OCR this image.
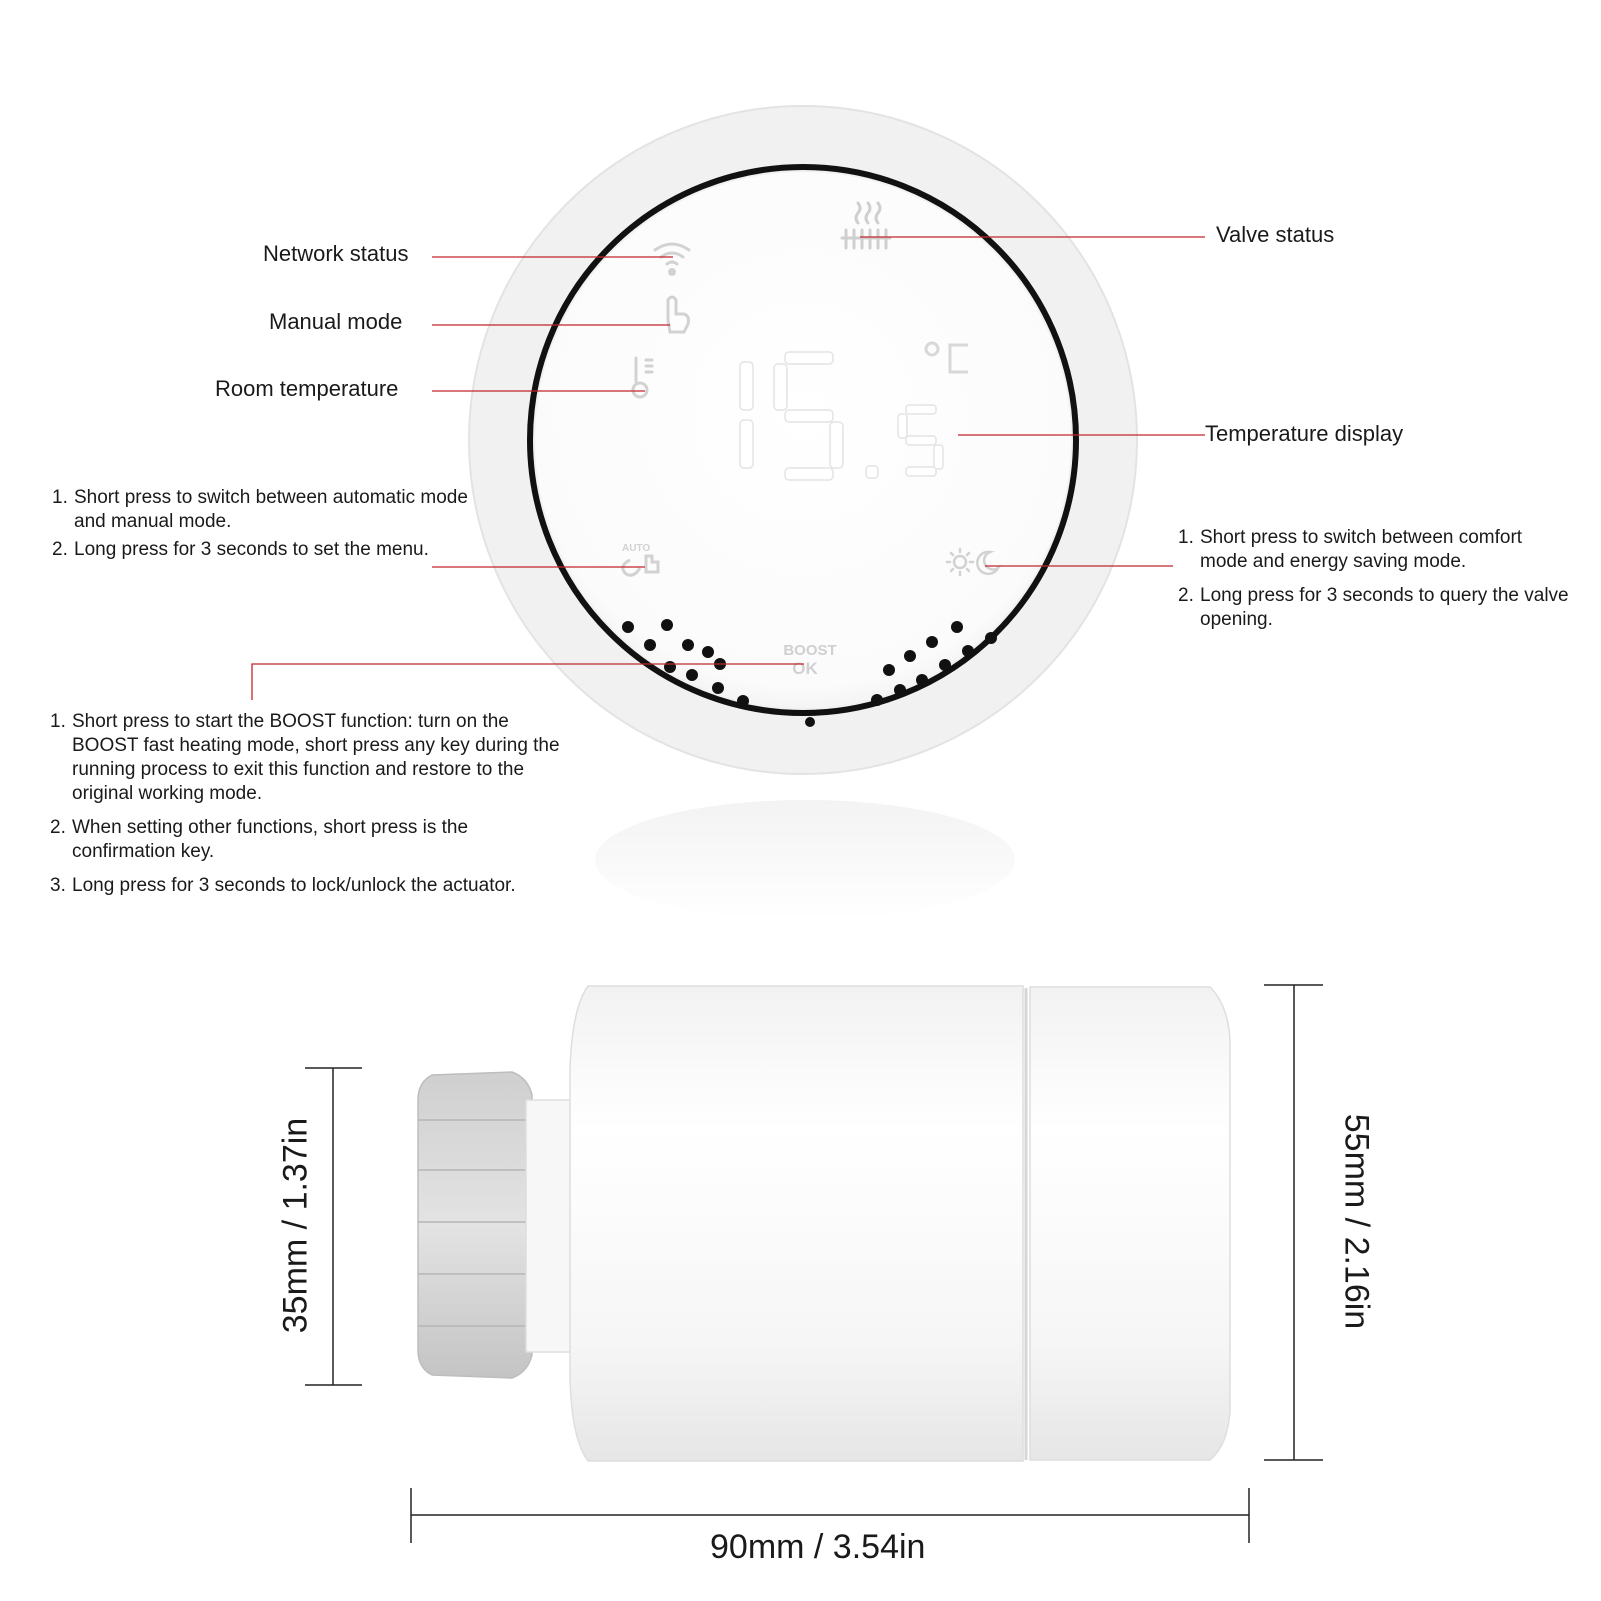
AUTO
BOOST
OK
Network status
Manual mode
Room temperature
Valve status
Temperature display
1. Short press to switch between automatic mode and manual mode.
2. Long press for 3 seconds to set the menu.
1. Short press to switch between comfort mode and energy saving mode.
2. Long press for 3 seconds to query the valve opening.
1. Short press to start the BOOST function: turn on the BOOST fast heating mode, short press any key during the running process to exit this function and restore to the original working mode.
2. When setting other functions, short press is the confirmation key.
3. Long press for 3 seconds to lock/unlock the actuator.
35mm / 1.37in	55mm / 2.16in
90mm / 3.54in
